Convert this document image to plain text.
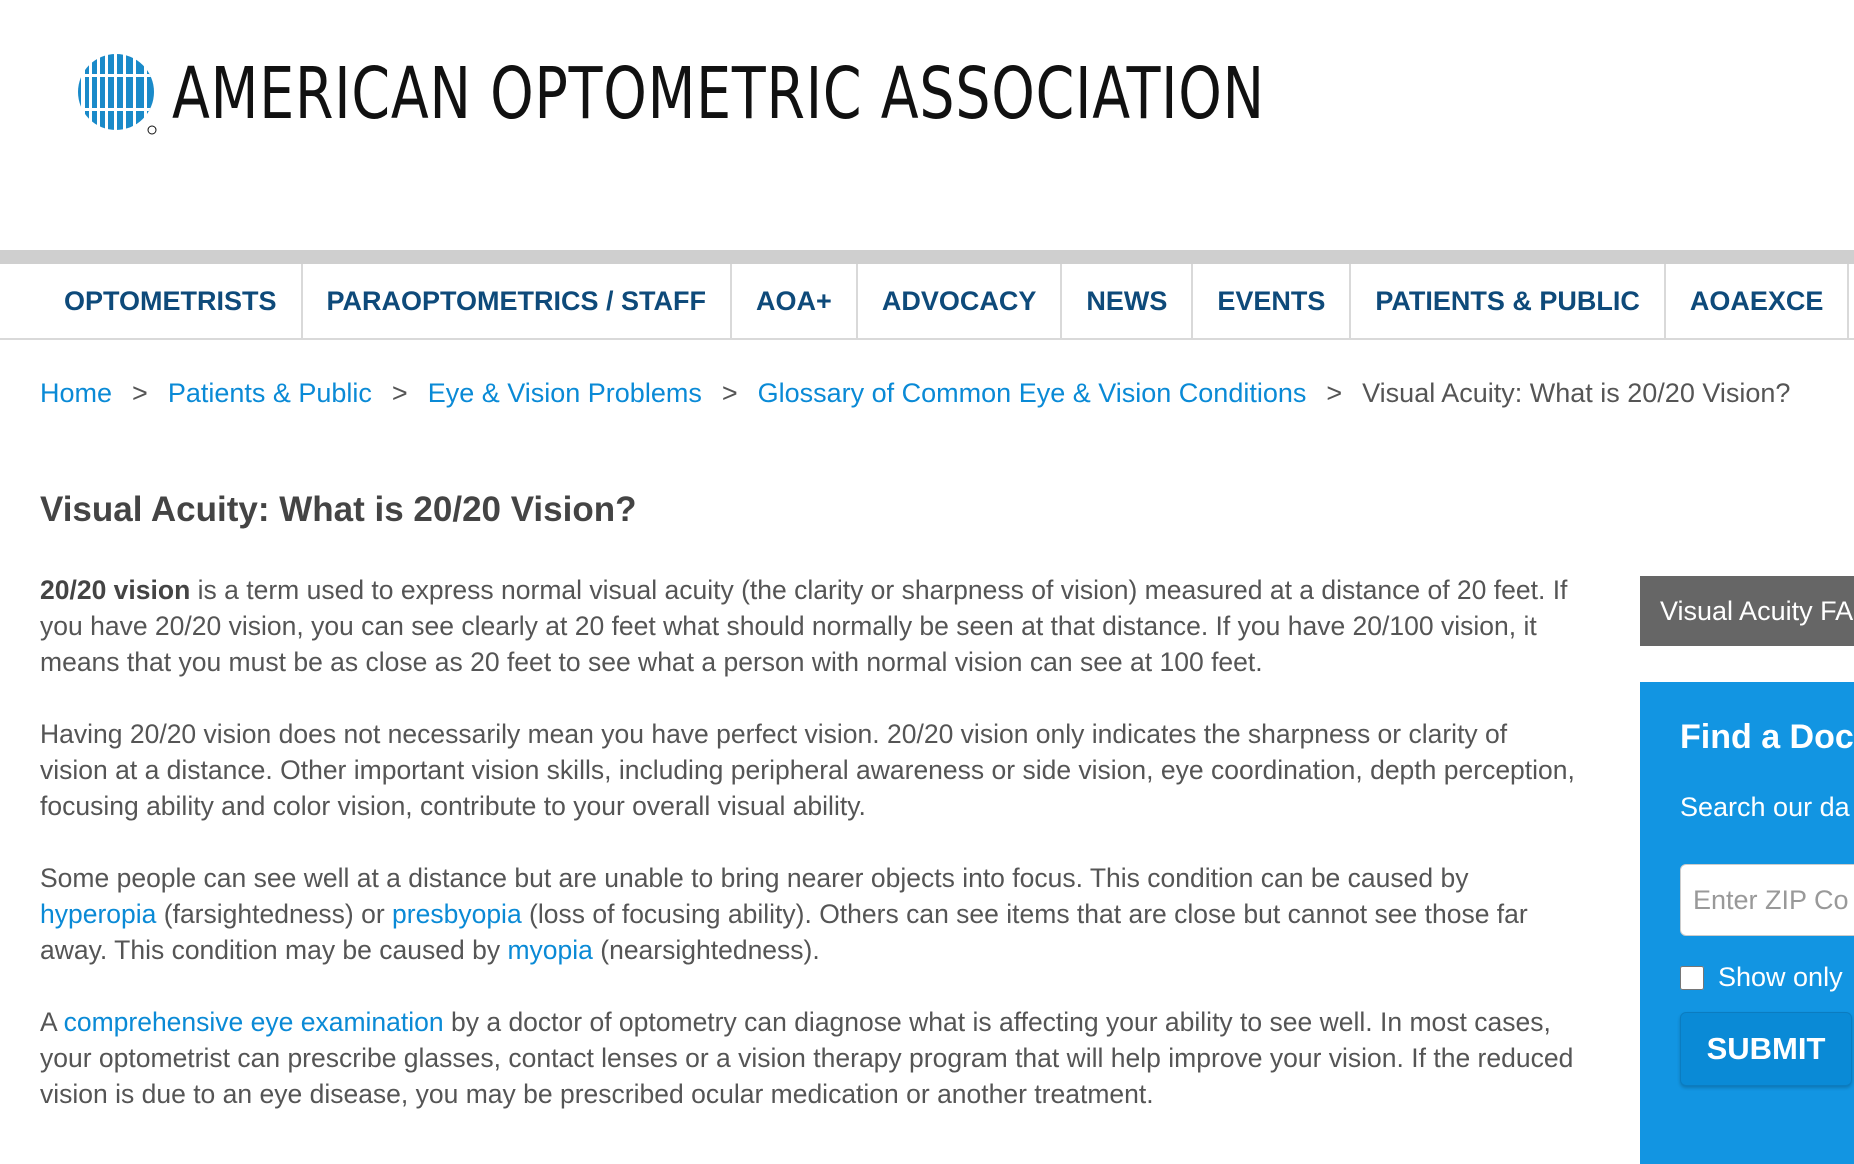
AMERICAN OPTOMETRIC ASSOCIATION
OPTOMETRISTS	PARAOPTOMETRICS / STAFF	AOA+	ADVOCACY	NEWS	EVENTS	PATIENTS & PUBLIC	AOAEXCE
Home > Patients & Public > Eye & Vision Problems > Glossary of Common Eye & Vision Conditions > Visual Acuity: What is 20/20 Vision?
Visual Acuity: What is 20/20 Vision?

20/20 vision is a term used to express normal visual acuity (the clarity or sharpness of vision) measured at a distance of 20 feet. If you have 20/20 vision, you can see clearly at 20 feet what should normally be seen at that distance. If you have 20/100 vision, it means that you must be as close as 20 feet to see what a person with normal vision can see at 100 feet.

Having 20/20 vision does not necessarily mean you have perfect vision. 20/20 vision only indicates the sharpness or clarity of vision at a distance. Other important vision skills, including peripheral awareness or side vision, eye coordination, depth perception, focusing ability and color vision, contribute to your overall visual ability.

Some people can see well at a distance but are unable to bring nearer objects into focus. This condition can be caused by hyperopia (farsightedness) or presbyopia (loss of focusing ability). Others can see items that are close but cannot see those far away. This condition may be caused by myopia (nearsightedness).

A comprehensive eye examination by a doctor of optometry can diagnose what is affecting your ability to see well. In most cases, your optometrist can prescribe glasses, contact lenses or a vision therapy program that will help improve your vision. If the reduced vision is due to an eye disease, you may be prescribed ocular medication or another treatment.

Visual Acuity FA
Find a Doc
Search our da
Enter ZIP Co
Show only
SUBMIT
